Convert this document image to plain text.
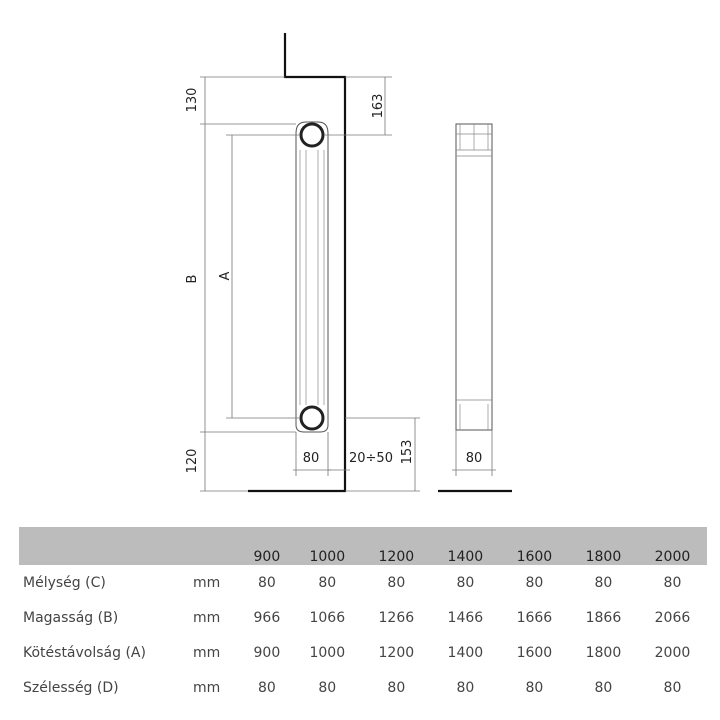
130	163
B A
120	153
80 20÷50	80
		900	1000	1200	1400	1600	1800	2000
Mélység (C)	mm	80	80	80	80	80	80	80
Magasság (B)	mm	966	1066	1266	1466	1666	1866	2066
Kötéstávolság (A)	mm	900	1000	1200	1400	1600	1800	2000
Szélesség (D)	mm	80	80	80	80	80	80	80
